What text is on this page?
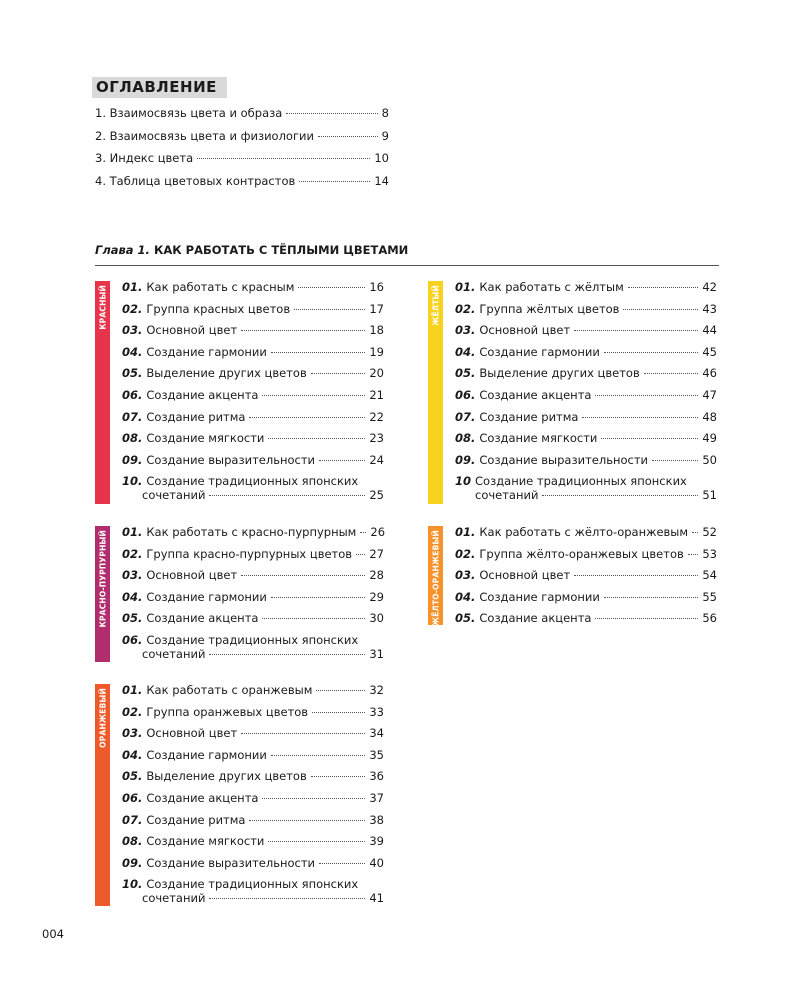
ОГЛАВЛЕНИЕ
1. Взаимосвязь цвета и образа	8
2. Взаимосвязь цвета и физиологии	9
3. Индекс цвета	10
4. Таблица цветовых контрастов	14
Глава 1. КАК РАБОТАТЬ С ТЁПЛЫМИ ЦВЕТАМИ
КРАСНЫЙ 01. Как работать с красным	16
02. Группа красных цветов	17
03. Основной цвет	18
04. Создание гармонии	19
05. Выделение других цветов	20
06. Создание акцента	21
07. Создание ритма	22
08. Создание мягкости	23
09. Создание выразительности	24
10. Создание традиционных японских
сочетаний	25
КРАСНО-ПУРПУРНЫЙ 01. Как работать с красно-пурпурным 26
02. Группа красно-пурпурных цветов 27
03. Основной цвет	28
04. Создание гармонии	29
05. Создание акцента	30
06. Создание традиционных японских
сочетаний	31
ОРАНЖЕВЫЙ 01. Как работать с оранжевым	32
02. Группа оранжевых цветов	33
03. Основной цвет	34
04. Создание гармонии	35
05. Выделение других цветов	36
06. Создание акцента	37
07. Создание ритма	38
08. Создание мягкости	39
09. Создание выразительности	40
10. Создание традиционных японских
сочетаний	41
ЖЁЛТЫЙ 01. Как работать с жёлтым	42
02. Группа жёлтых цветов	43
03. Основной цвет	44
04. Создание гармонии	45
05. Выделение других цветов	46
06. Создание акцента	47
07. Создание ритма	48
08. Создание мягкости	49
09. Создание выразительности	50
10 Создание традиционных японских
сочетаний	51
ЖЁЛТО-ОРАНЖЕВЫЙ 01. Как работать с жёлто-оранжевым 52
02. Группа жёлто-оранжевых цветов 53
03. Основной цвет	54
04. Создание гармонии	55
05. Создание акцента	56
004
